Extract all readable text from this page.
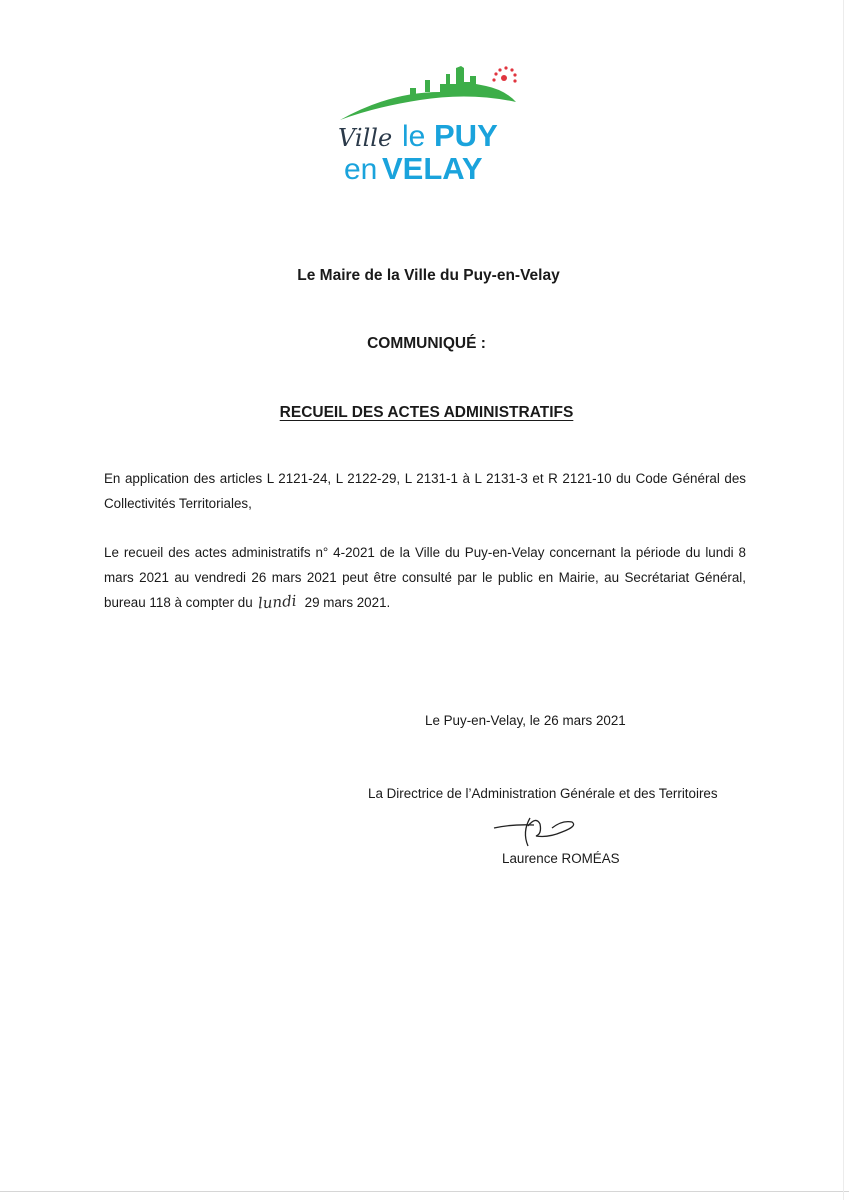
Ville le PUY
en VELAY
Le Maire de la Ville du Puy-en-Velay
COMMUNIQUÉ :
RECUEIL DES ACTES ADMINISTRATIFS
En application des articles L 2121-24, L 2122-29, L 2131-1 à L 2131-3 et R 2121-10 du Code Général des Collectivités Territoriales,
Le recueil des actes administratifs n° 4-2021 de la Ville du Puy-en-Velay concernant la période du lundi 8 mars 2021 au vendredi 26 mars 2021 peut être consulté par le public en Mairie, au Secrétariat Général, bureau 118 à compter du lundi 29 mars 2021.
Le Puy-en-Velay, le 26 mars 2021
La Directrice de l’Administration Générale et des Territoires
Laurence ROMÉAS
